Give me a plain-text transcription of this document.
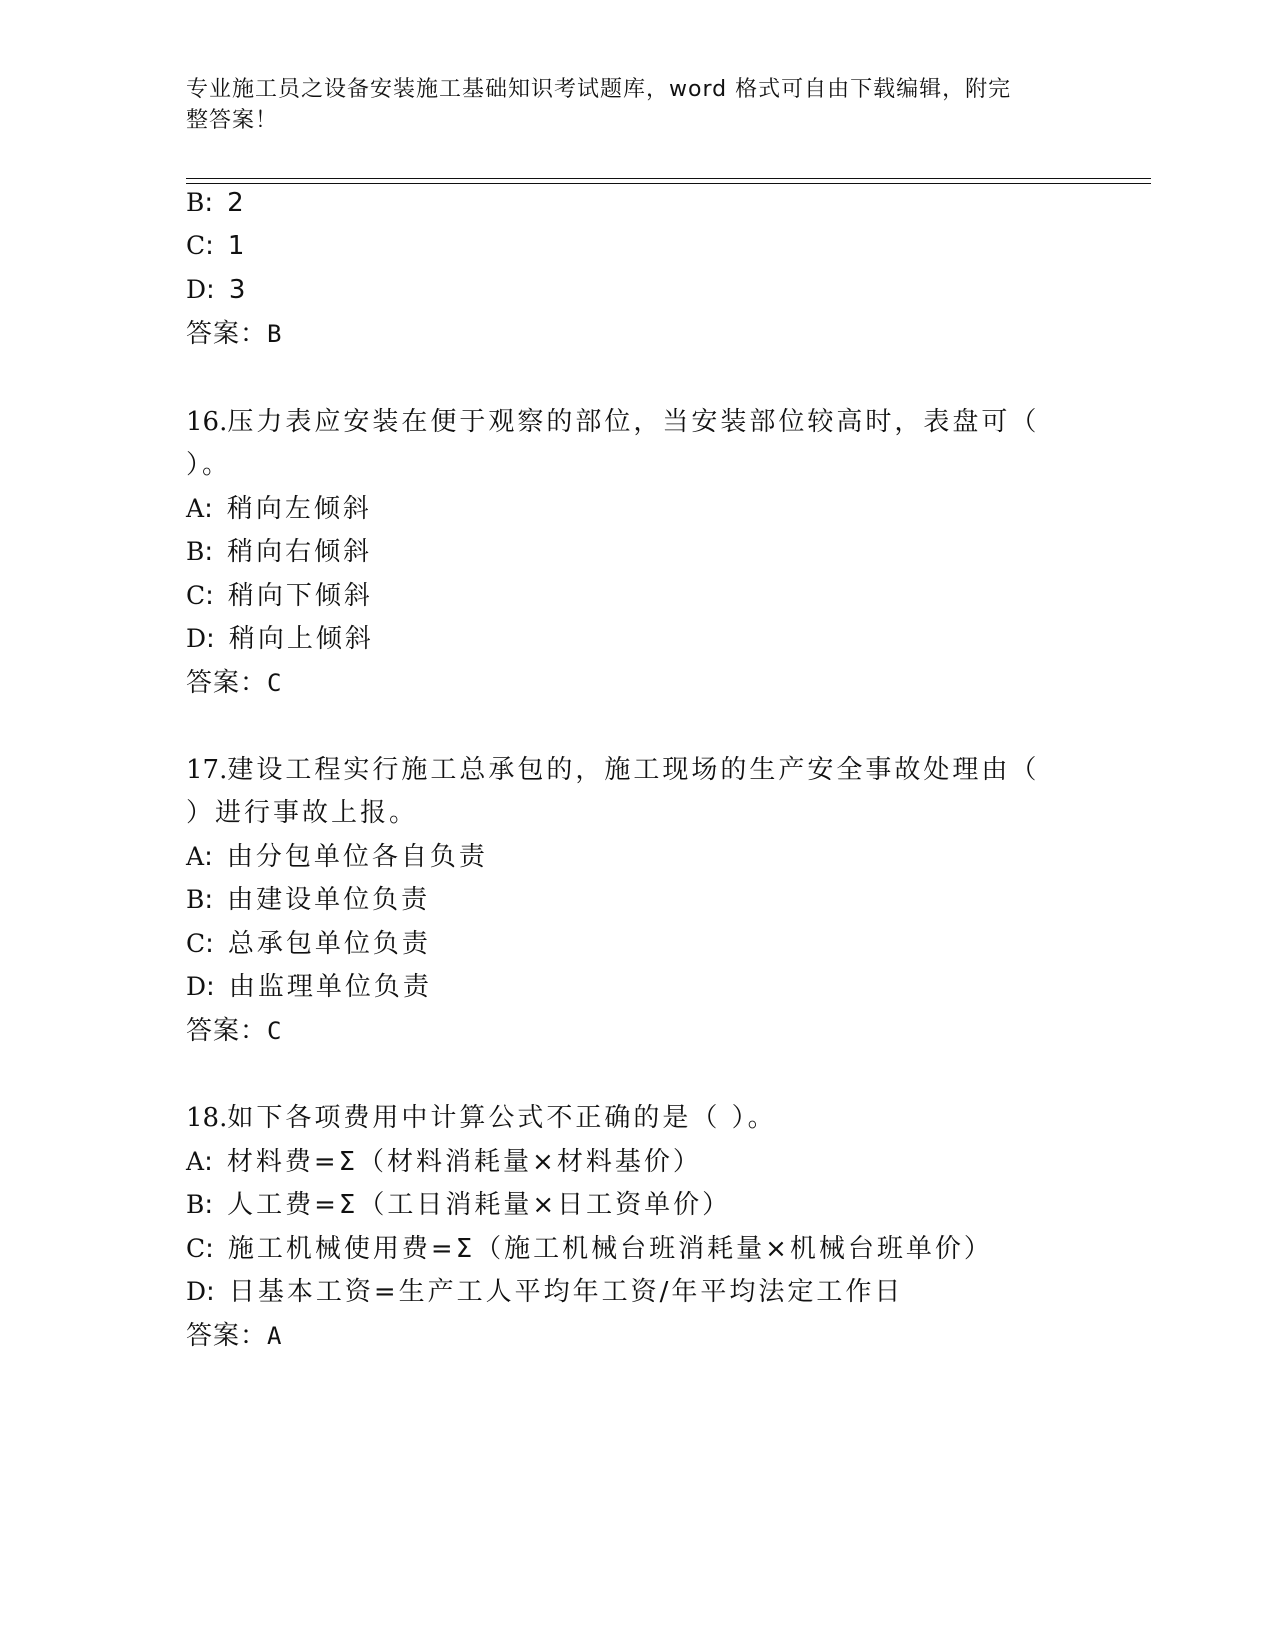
专业施工员之设备安装施工基础知识考试题库，word 格式可自由下载编辑，附完
整答案！
B: 2
C: 1
D: 3
答案：B
16.压力表应安装在便于观察的部位，当安装部位较高时，表盘可（
）。
A: 稍向左倾斜
B: 稍向右倾斜
C: 稍向下倾斜
D: 稍向上倾斜
答案：C
17.建设工程实行施工总承包的，施工现场的生产安全事故处理由（
）进行事故上报。
A: 由分包单位各自负责
B: 由建设单位负责
C: 总承包单位负责
D: 由监理单位负责
答案：C
18.如下各项费用中计算公式不正确的是（ ）。
A: 材料费=Σ（材料消耗量×材料基价）
B: 人工费=Σ（工日消耗量×日工资单价）
C: 施工机械使用费=Σ（施工机械台班消耗量×机械台班单价）
D: 日基本工资=生产工人平均年工资/年平均法定工作日
答案：A
